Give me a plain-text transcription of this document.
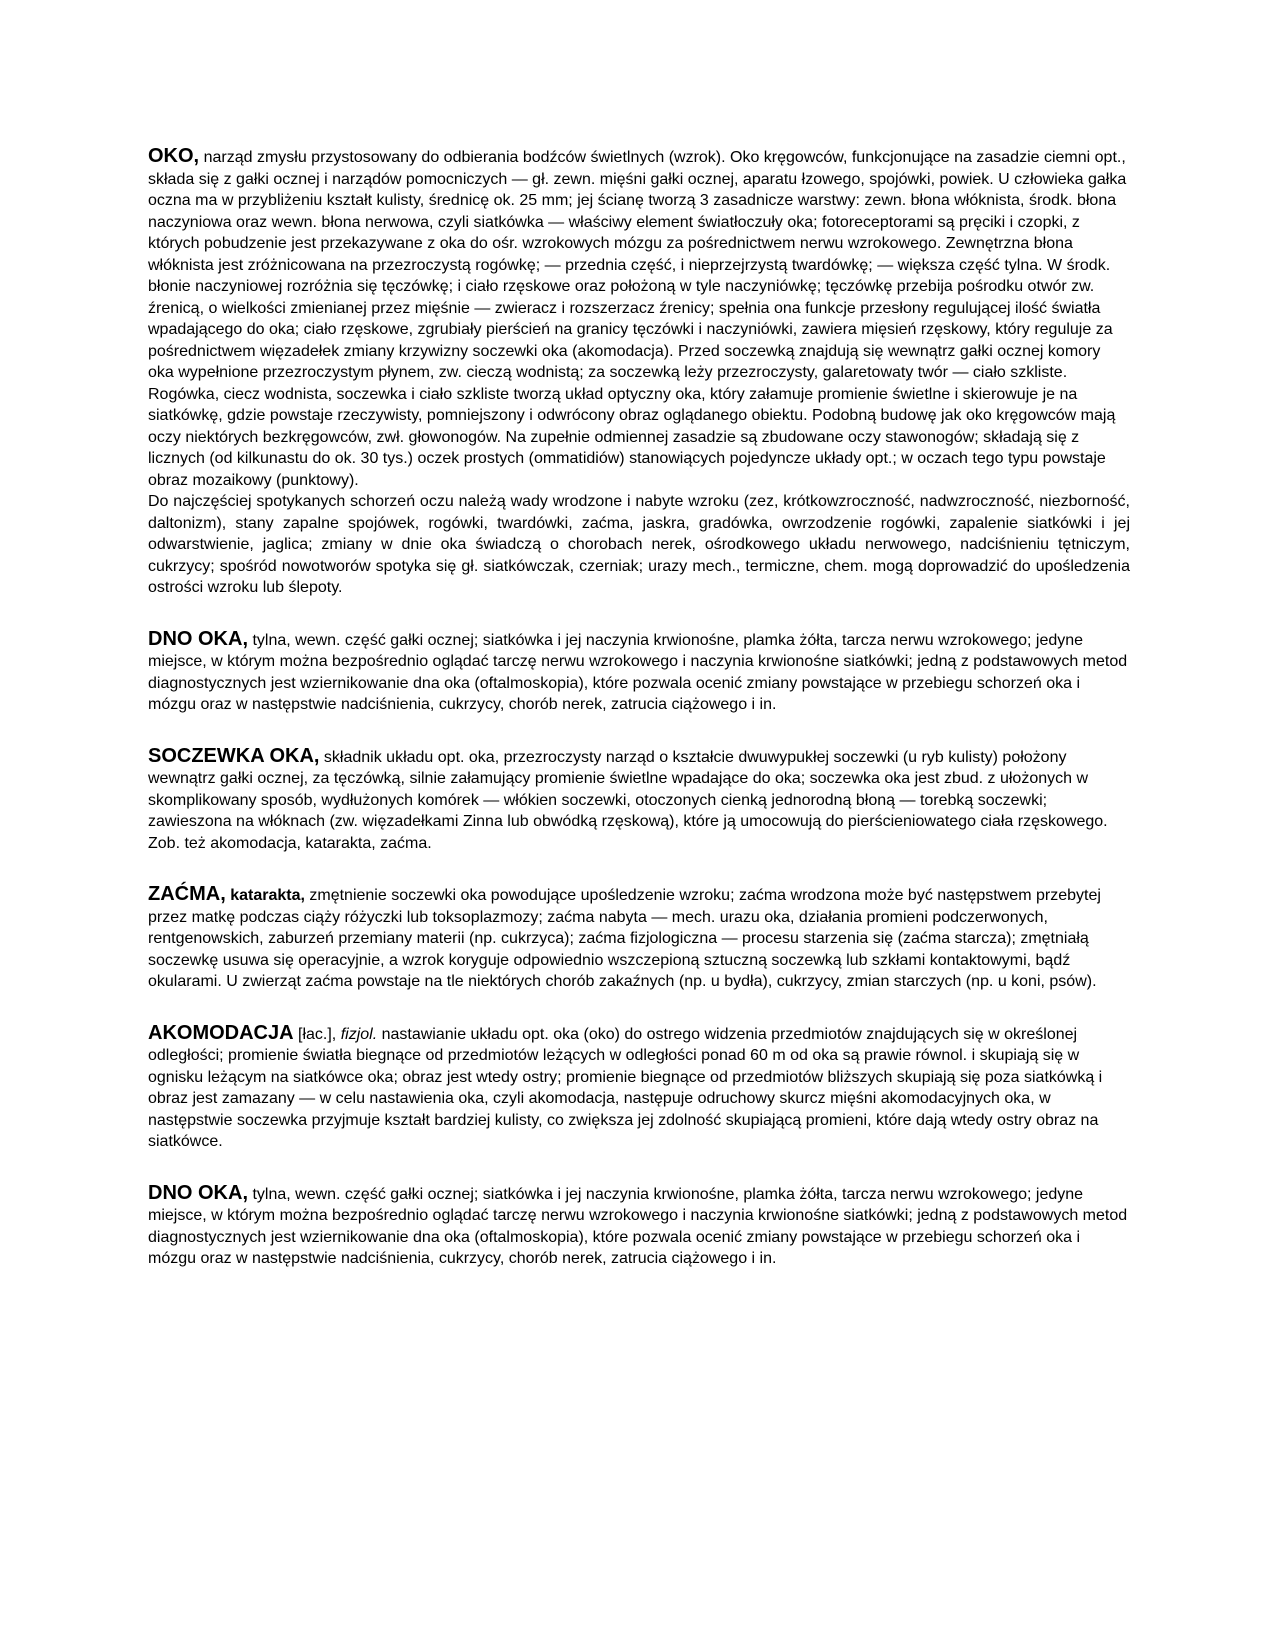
OKO, narząd zmysłu przystosowany do odbierania bodźców świetlnych (wzrok). Oko kręgowców, funkcjonujące na zasadzie ciemni opt., składa się z gałki ocznej i narządów pomocniczych — gł. zewn. mięśni gałki ocznej, aparatu łzowego, spojówki, powiek. U człowieka gałka oczna ma w przybliżeniu kształt kulisty, średnicę ok. 25 mm; jej ścianę tworzą 3 zasadnicze warstwy: zewn. błona włóknista, środk. błona naczyniowa oraz wewn. błona nerwowa, czyli siatkówka — właściwy element światłoczuły oka; fotoreceptorami są pręciki i czopki, z których pobudzenie jest przekazywane z oka do ośr. wzrokowych mózgu za pośrednictwem nerwu wzrokowego. Zewnętrzna błona włóknista jest zróżnicowana na przezroczystą rogówkę; — przednia część, i nieprzejrzystą twardówkę; — większa część tylna. W środk. błonie naczyniowej rozróżnia się tęczówkę; i ciało rzęskowe oraz położoną w tyle naczyniówkę; tęczówkę przebija pośrodku otwór zw. źrenicą, o wielkości zmienianej przez mięśnie — zwieracz i rozszerzacz źrenicy; spełnia ona funkcje przesłony regulującej ilość światła wpadającego do oka; ciało rzęskowe, zgrubiały pierścień na granicy tęczówki i naczyniówki, zawiera mięsień rzęskowy, który reguluje za pośrednictwem więzadełek zmiany krzywizny soczewki oka (akomodacja). Przed soczewką znajdują się wewnątrz gałki ocznej komory oka wypełnione przezroczystym płynem, zw. cieczą wodnistą; za soczewką leży przezroczysty, galaretowaty twór — ciało szkliste. Rogówka, ciecz wodnista, soczewka i ciało szkliste tworzą układ optyczny oka, który załamuje promienie świetlne i skierowuje je na siatkówkę, gdzie powstaje rzeczywisty, pomniejszony i odwrócony obraz oglądanego obiektu. Podobną budowę jak oko kręgowców mają oczy niektórych bezkręgowców, zwł. głowonogów. Na zupełnie odmiennej zasadzie są zbudowane oczy stawonogów; składają się z licznych (od kilkunastu do ok. 30 tys.) oczek prostych (ommatidiów) stanowiących pojedyncze układy opt.; w oczach tego typu powstaje obraz mozaikowy (punktowy).

Do najczęściej spotykanych schorzeń oczu należą wady wrodzone i nabyte wzroku (zez, krótkowzroczność, nadwzroczność, niezborność, daltonizm), stany zapalne spojówek, rogówki, twardówki, zaćma, jaskra, gradówka, owrzodzenie rogówki, zapalenie siatkówki i jej odwarstwienie, jaglica; zmiany w dnie oka świadczą o chorobach nerek, ośrodkowego układu nerwowego, nadciśnieniu tętniczym, cukrzycy; spośród nowotworów spotyka się gł. siatkówczak, czerniak; urazy mech., termiczne, chem. mogą doprowadzić do upośledzenia ostrości wzroku lub ślepoty.

DNO OKA, tylna, wewn. część gałki ocznej; siatkówka i jej naczynia krwionośne, plamka żółta, tarcza nerwu wzrokowego; jedyne miejsce, w którym można bezpośrednio oglądać tarczę nerwu wzrokowego i naczynia krwionośne siatkówki; jedną z podstawowych metod diagnostycznych jest wziernikowanie dna oka (oftalmoskopia), które pozwala ocenić zmiany powstające w przebiegu schorzeń oka i mózgu oraz w następstwie nadciśnienia, cukrzycy, chorób nerek, zatrucia ciążowego i in.

SOCZEWKA OKA, składnik układu opt. oka, przezroczysty narząd o kształcie dwuwypukłej soczewki (u ryb kulisty) położony wewnątrz gałki ocznej, za tęczówką, silnie załamujący promienie świetlne wpadające do oka; soczewka oka jest zbud. z ułożonych w skomplikowany sposób, wydłużonych komórek — włókien soczewki, otoczonych cienką jednorodną błoną — torebką soczewki; zawieszona na włóknach (zw. więzadełkami Zinna lub obwódką rzęskową), które ją umocowują do pierścieniowatego ciała rzęskowego. Zob. też akomodacja, katarakta, zaćma.

ZAĆMA, katarakta, zmętnienie soczewki oka powodujące upośledzenie wzroku; zaćma wrodzona może być następstwem przebytej przez matkę podczas ciąży różyczki lub toksoplazmozy; zaćma nabyta — mech. urazu oka, działania promieni podczerwonych, rentgenowskich, zaburzeń przemiany materii (np. cukrzyca); zaćma fizjologiczna — procesu starzenia się (zaćma starcza); zmętniałą soczewkę usuwa się operacyjnie, a wzrok koryguje odpowiednio wszczepioną sztuczną soczewką lub szkłami kontaktowymi, bądź okularami. U zwierząt zaćma powstaje na tle niektórych chorób zakaźnych (np. u bydła), cukrzycy, zmian starczych (np. u koni, psów).

AKOMODACJA [łac.], fizjol. nastawianie układu opt. oka (oko) do ostrego widzenia przedmiotów znajdujących się w określonej odległości; promienie światła biegnące od przedmiotów leżących w odległości ponad 60 m od oka są prawie równol. i skupiają się w ognisku leżącym na siatkówce oka; obraz jest wtedy ostry; promienie biegnące od przedmiotów bliższych skupiają się poza siatkówką i obraz jest zamazany — w celu nastawienia oka, czyli akomodacja, następuje odruchowy skurcz mięśni akomodacyjnych oka, w następstwie soczewka przyjmuje kształt bardziej kulisty, co zwiększa jej zdolność skupiającą promieni, które dają wtedy ostry obraz na siatkówce.

DNO OKA, tylna, wewn. część gałki ocznej; siatkówka i jej naczynia krwionośne, plamka żółta, tarcza nerwu wzrokowego; jedyne miejsce, w którym można bezpośrednio oglądać tarczę nerwu wzrokowego i naczynia krwionośne siatkówki; jedną z podstawowych metod diagnostycznych jest wziernikowanie dna oka (oftalmoskopia), które pozwala ocenić zmiany powstające w przebiegu schorzeń oka i mózgu oraz w następstwie nadciśnienia, cukrzycy, chorób nerek, zatrucia ciążowego i in.
